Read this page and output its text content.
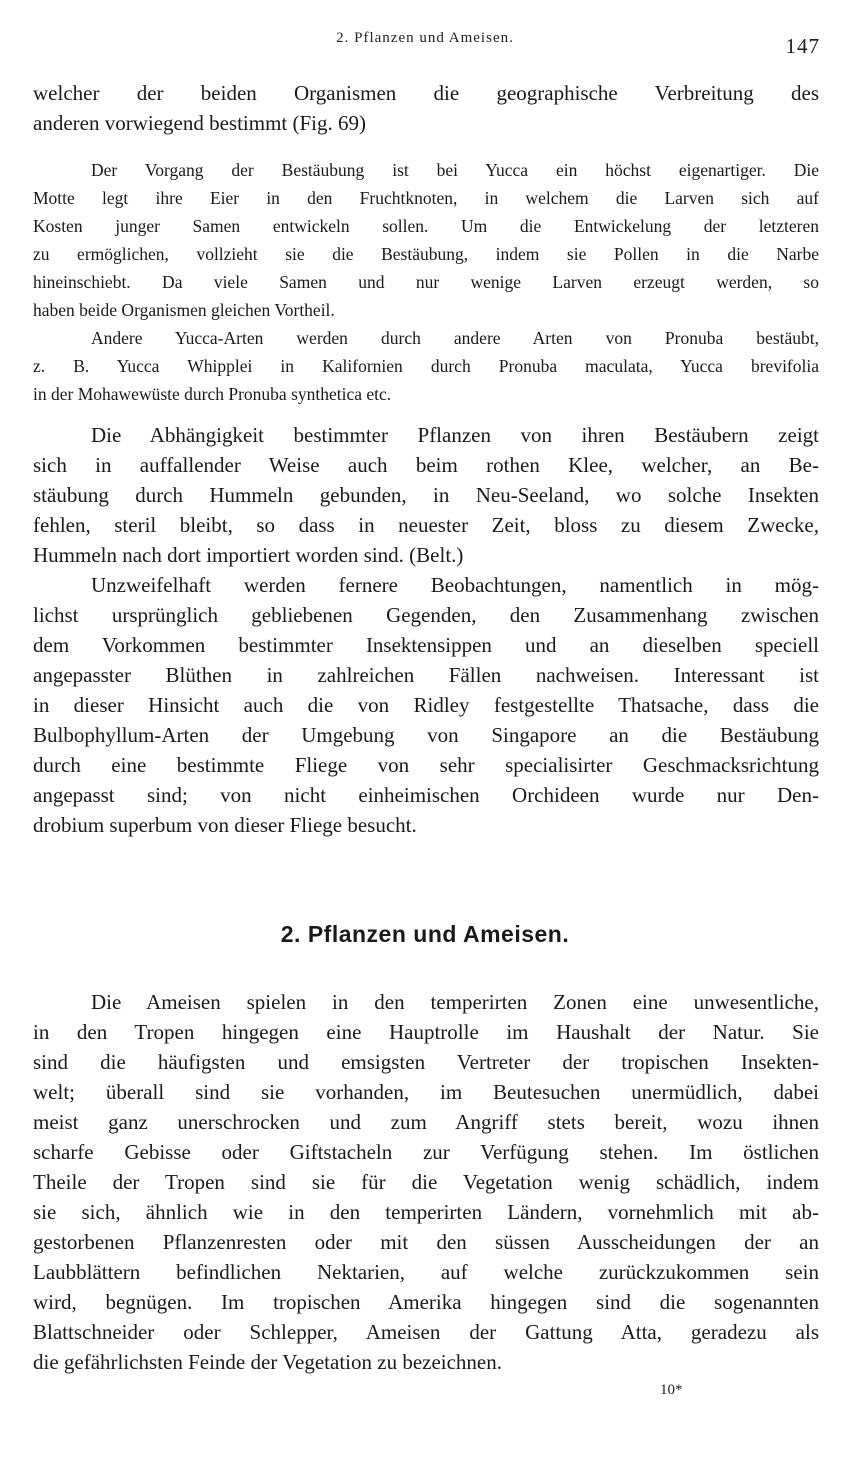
2. Pflanzen und Ameisen.	147
welcher der beiden Organismen die geographische Verbreitung des
anderen vorwiegend bestimmt (Fig. 69)
Der Vorgang der Bestäubung ist bei Yucca ein höchst eigenartiger. Die
Motte legt ihre Eier in den Fruchtknoten, in welchem die Larven sich auf
Kosten junger Samen entwickeln sollen. Um die Entwickelung der letzteren
zu ermöglichen, vollzieht sie die Bestäubung, indem sie Pollen in die Narbe
hineinschiebt. Da viele Samen und nur wenige Larven erzeugt werden, so
haben beide Organismen gleichen Vortheil.
Andere Yucca-Arten werden durch andere Arten von Pronuba bestäubt,
z. B. Yucca Whipplei in Kalifornien durch Pronuba maculata, Yucca brevifolia
in der Mohawewüste durch Pronuba synthetica etc.
Die Abhängigkeit bestimmter Pflanzen von ihren Bestäubern zeigt
sich in auffallender Weise auch beim rothen Klee, welcher, an Be-
stäubung durch Hummeln gebunden, in Neu-Seeland, wo solche Insekten
fehlen, steril bleibt, so dass in neuester Zeit, bloss zu diesem Zwecke,
Hummeln nach dort importiert worden sind. (Belt.)
Unzweifelhaft werden fernere Beobachtungen, namentlich in mög-
lichst ursprünglich gebliebenen Gegenden, den Zusammenhang zwischen
dem Vorkommen bestimmter Insektensippen und an dieselben speciell
angepasster Blüthen in zahlreichen Fällen nachweisen. Interessant ist
in dieser Hinsicht auch die von Ridley festgestellte Thatsache, dass die
Bulbophyllum-Arten der Umgebung von Singapore an die Bestäubung
durch eine bestimmte Fliege von sehr specialisirter Geschmacksrichtung
angepasst sind; von nicht einheimischen Orchideen wurde nur Den-
drobium superbum von dieser Fliege besucht.
2. Pflanzen und Ameisen.
Die Ameisen spielen in den temperirten Zonen eine unwesentliche,
in den Tropen hingegen eine Hauptrolle im Haushalt der Natur. Sie
sind die häufigsten und emsigsten Vertreter der tropischen Insekten-
welt; überall sind sie vorhanden, im Beutesuchen unermüdlich, dabei
meist ganz unerschrocken und zum Angriff stets bereit, wozu ihnen
scharfe Gebisse oder Giftstacheln zur Verfügung stehen. Im östlichen
Theile der Tropen sind sie für die Vegetation wenig schädlich, indem
sie sich, ähnlich wie in den temperirten Ländern, vornehmlich mit ab-
gestorbenen Pflanzenresten oder mit den süssen Ausscheidungen der an
Laubblättern befindlichen Nektarien, auf welche zurückzukommen sein
wird, begnügen. Im tropischen Amerika hingegen sind die sogenannten
Blattschneider oder Schlepper, Ameisen der Gattung Atta, geradezu als
die gefährlichsten Feinde der Vegetation zu bezeichnen.
10*
